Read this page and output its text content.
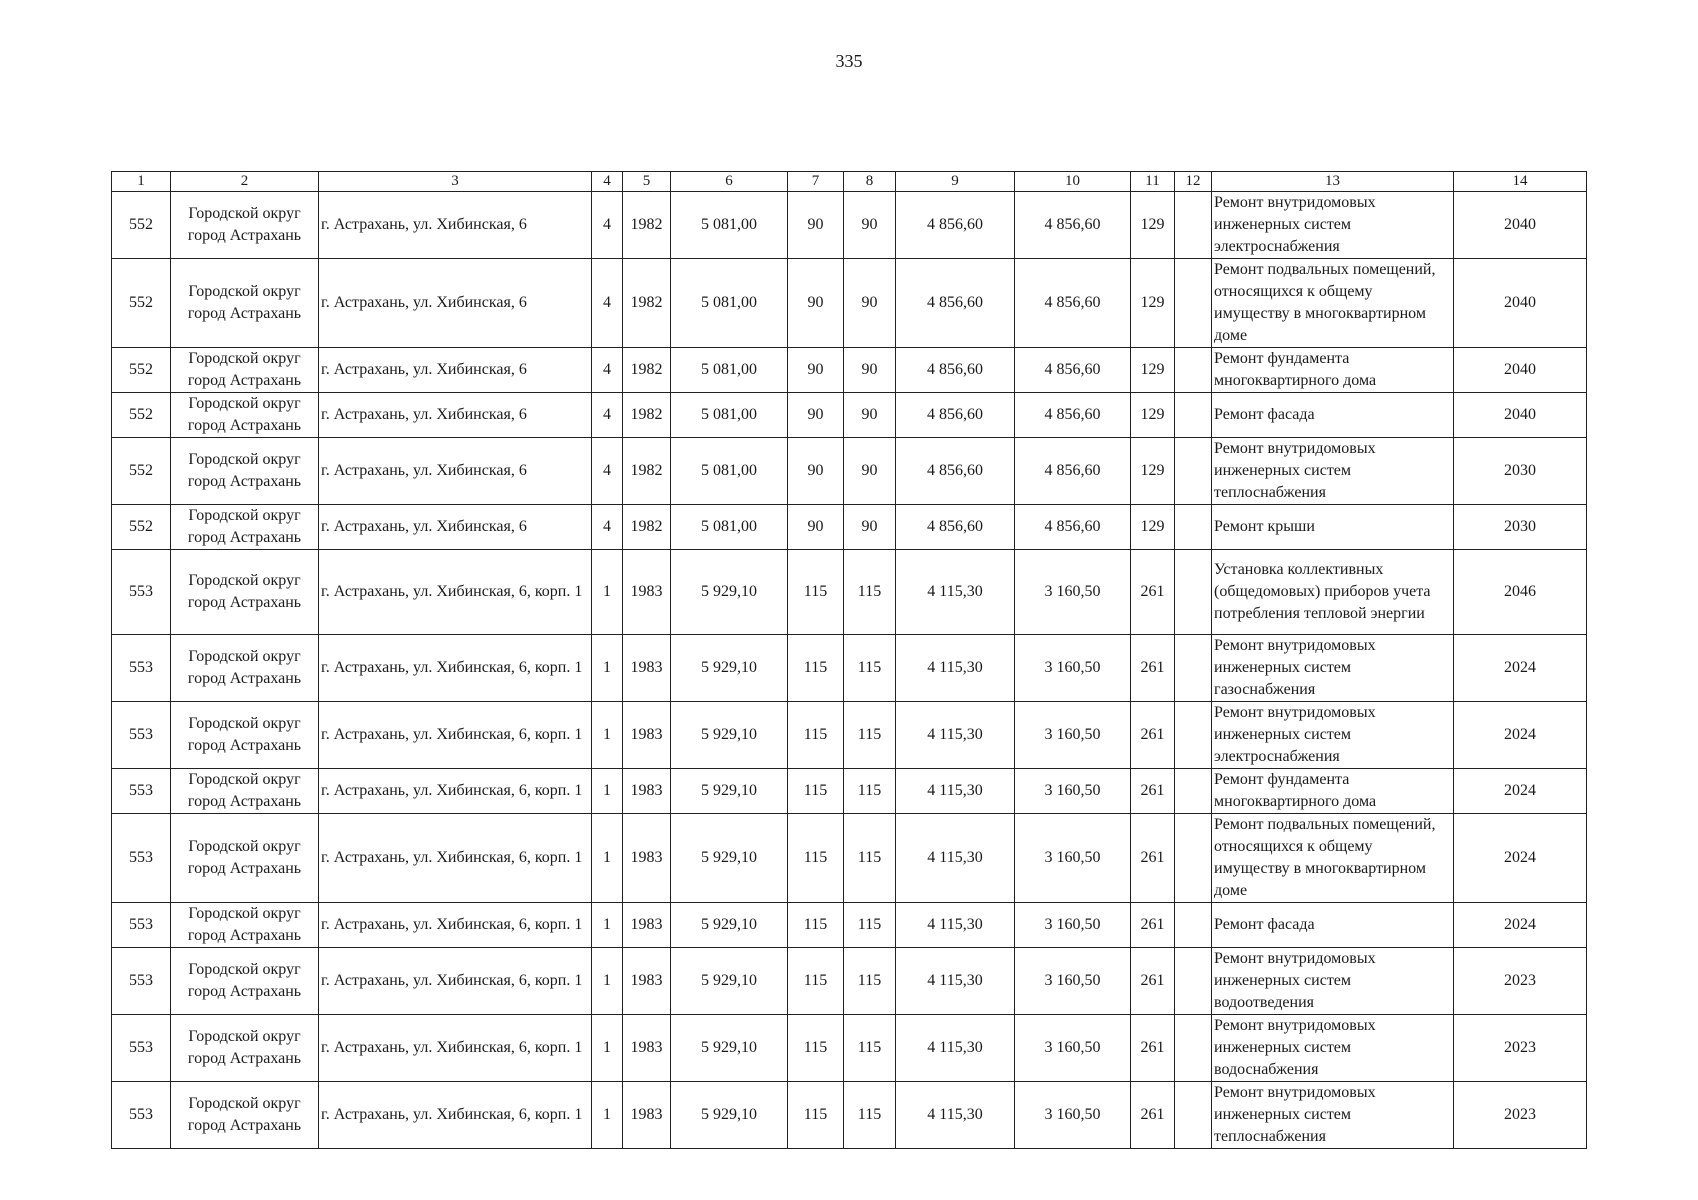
335
1	2	3	4	5	6	7	8	9	10	11	12	13	14
552	Городской округ город Астрахань	г. Астрахань, ул. Хибинская, 6	4	1982	5 081,00	90	90	4 856,60	4 856,60	129		Ремонт внутридомовых инженерных систем электроснабжения	2040
552	Городской округ город Астрахань	г. Астрахань, ул. Хибинская, 6	4	1982	5 081,00	90	90	4 856,60	4 856,60	129		Ремонт подвальных помещений, относящихся к общему имуществу в многоквартирном доме	2040
552	Городской округ город Астрахань	г. Астрахань, ул. Хибинская, 6	4	1982	5 081,00	90	90	4 856,60	4 856,60	129		Ремонт фундамента многоквартирного дома	2040
552	Городской округ город Астрахань	г. Астрахань, ул. Хибинская, 6	4	1982	5 081,00	90	90	4 856,60	4 856,60	129		Ремонт фасада	2040
552	Городской округ город Астрахань	г. Астрахань, ул. Хибинская, 6	4	1982	5 081,00	90	90	4 856,60	4 856,60	129		Ремонт внутридомовых инженерных систем теплоснабжения	2030
552	Городской округ город Астрахань	г. Астрахань, ул. Хибинская, 6	4	1982	5 081,00	90	90	4 856,60	4 856,60	129		Ремонт крыши	2030
553	Городской округ город Астрахань	г. Астрахань, ул. Хибинская, 6, корп. 1	1	1983	5 929,10	115	115	4 115,30	3 160,50	261		Установка коллективных (общедомовых) приборов учета потребления тепловой энергии	2046
553	Городской округ город Астрахань	г. Астрахань, ул. Хибинская, 6, корп. 1	1	1983	5 929,10	115	115	4 115,30	3 160,50	261		Ремонт внутридомовых инженерных систем газоснабжения	2024
553	Городской округ город Астрахань	г. Астрахань, ул. Хибинская, 6, корп. 1	1	1983	5 929,10	115	115	4 115,30	3 160,50	261		Ремонт внутридомовых инженерных систем электроснабжения	2024
553	Городской округ город Астрахань	г. Астрахань, ул. Хибинская, 6, корп. 1	1	1983	5 929,10	115	115	4 115,30	3 160,50	261		Ремонт фундамента многоквартирного дома	2024
553	Городской округ город Астрахань	г. Астрахань, ул. Хибинская, 6, корп. 1	1	1983	5 929,10	115	115	4 115,30	3 160,50	261		Ремонт подвальных помещений, относящихся к общему имуществу в многоквартирном доме	2024
553	Городской округ город Астрахань	г. Астрахань, ул. Хибинская, 6, корп. 1	1	1983	5 929,10	115	115	4 115,30	3 160,50	261		Ремонт фасада	2024
553	Городской округ город Астрахань	г. Астрахань, ул. Хибинская, 6, корп. 1	1	1983	5 929,10	115	115	4 115,30	3 160,50	261		Ремонт внутридомовых инженерных систем водоотведения	2023
553	Городской округ город Астрахань	г. Астрахань, ул. Хибинская, 6, корп. 1	1	1983	5 929,10	115	115	4 115,30	3 160,50	261		Ремонт внутридомовых инженерных систем водоснабжения	2023
553	Городской округ город Астрахань	г. Астрахань, ул. Хибинская, 6, корп. 1	1	1983	5 929,10	115	115	4 115,30	3 160,50	261		Ремонт внутридомовых инженерных систем теплоснабжения	2023
